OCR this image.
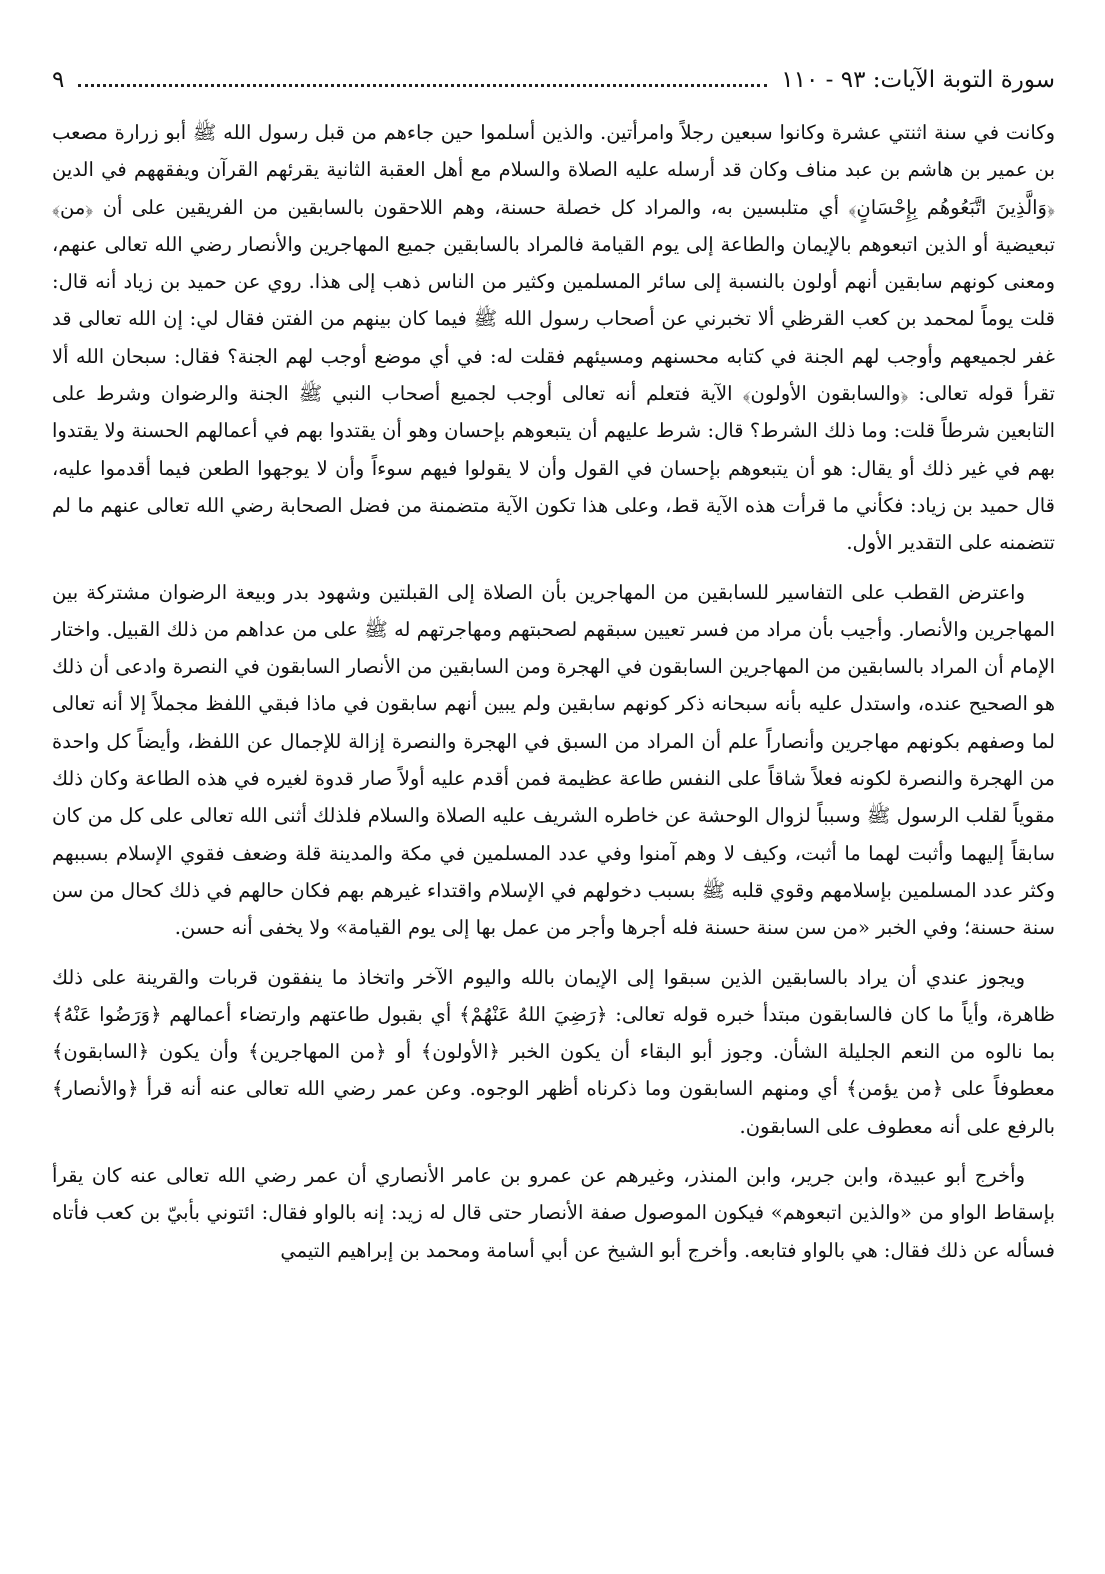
سورة التوبة الآيات: ٩٣ - ١١٠
٩

وكانت في سنة اثنتي عشرة وكانوا سبعين رجلاً وامرأتين. والذين أسلموا حين جاءهم من قبل رسول الله ﷺ أبو زرارة مصعب بن عمير بن هاشم بن عبد مناف وكان قد أرسله عليه الصلاة والسلام مع أهل العقبة الثانية يقرئهم القرآن ويفقههم في الدين ﴿وَالَّذِينَ اتَّبَعُوهُم بِإِحْسَانٍ﴾ أي متلبسين به، والمراد كل خصلة حسنة، وهم اللاحقون بالسابقين من الفريقين على أن ﴿من﴾ تبعيضية أو الذين اتبعوهم بالإيمان والطاعة إلى يوم القيامة فالمراد بالسابقين جميع المهاجرين والأنصار رضي الله تعالى عنهم، ومعنى كونهم سابقين أنهم أولون بالنسبة إلى سائر المسلمين وكثير من الناس ذهب إلى هذا. روي عن حميد بن زياد أنه قال: قلت يوماً لمحمد بن كعب القرظي ألا تخبرني عن أصحاب رسول الله ﷺ فيما كان بينهم من الفتن فقال لي: إن الله تعالى قد غفر لجميعهم وأوجب لهم الجنة في كتابه محسنهم ومسيئهم فقلت له: في أي موضع أوجب لهم الجنة؟ فقال: سبحان الله ألا تقرأ قوله تعالى: ﴿والسابقون الأولون﴾ الآية فتعلم أنه تعالى أوجب لجميع أصحاب النبي ﷺ الجنة والرضوان وشرط على التابعين شرطاً قلت: وما ذلك الشرط؟ قال: شرط عليهم أن يتبعوهم بإحسان وهو أن يقتدوا بهم في أعمالهم الحسنة ولا يقتدوا بهم في غير ذلك أو يقال: هو أن يتبعوهم بإحسان في القول وأن لا يقولوا فيهم سوءاً وأن لا يوجهوا الطعن فيما أقدموا عليه، قال حميد بن زياد: فكأني ما قرأت هذه الآية قط، وعلى هذا تكون الآية متضمنة من فضل الصحابة رضي الله تعالى عنهم ما لم تتضمنه على التقدير الأول.

واعترض القطب على التفاسير للسابقين من المهاجرين بأن الصلاة إلى القبلتين وشهود بدر وبيعة الرضوان مشتركة بين المهاجرين والأنصار. وأجيب بأن مراد من فسر تعيين سبقهم لصحبتهم ومهاجرتهم له ﷺ على من عداهم من ذلك القبيل. واختار الإمام أن المراد بالسابقين من المهاجرين السابقون في الهجرة ومن السابقين من الأنصار السابقون في النصرة وادعى أن ذلك هو الصحيح عنده، واستدل عليه بأنه سبحانه ذكر كونهم سابقين ولم يبين أنهم سابقون في ماذا فبقي اللفظ مجملاً إلا أنه تعالى لما وصفهم بكونهم مهاجرين وأنصاراً علم أن المراد من السبق في الهجرة والنصرة إزالة للإجمال عن اللفظ، وأيضاً كل واحدة من الهجرة والنصرة لكونه فعلاً شاقاً على النفس طاعة عظيمة فمن أقدم عليه أولاً صار قدوة لغيره في هذه الطاعة وكان ذلك مقوياً لقلب الرسول ﷺ وسبباً لزوال الوحشة عن خاطره الشريف عليه الصلاة والسلام فلذلك أثنى الله تعالى على كل من كان سابقاً إليهما وأثبت لهما ما أثبت، وكيف لا وهم آمنوا وفي عدد المسلمين في مكة والمدينة قلة وضعف فقوي الإسلام بسببهم وكثر عدد المسلمين بإسلامهم وقوي قلبه ﷺ بسبب دخولهم في الإسلام واقتداء غيرهم بهم فكان حالهم في ذلك كحال من سن سنة حسنة؛ وفي الخبر «من سن سنة حسنة فله أجرها وأجر من عمل بها إلى يوم القيامة» ولا يخفى أنه حسن.

ويجوز عندي أن يراد بالسابقين الذين سبقوا إلى الإيمان بالله واليوم الآخر واتخاذ ما ينفقون قربات والقرينة على ذلك ظاهرة، وأياً ما كان فالسابقون مبتدأ خبره قوله تعالى: ﴿رَضِيَ اللهُ عَنْهُمْ﴾ أي بقبول طاعتهم وارتضاء أعمالهم ﴿وَرَضُوا عَنْهُ﴾ بما نالوه من النعم الجليلة الشأن. وجوز أبو البقاء أن يكون الخبر ﴿الأولون﴾ أو ﴿من المهاجرين﴾ وأن يكون ﴿السابقون﴾ معطوفاً على ﴿من يؤمن﴾ أي ومنهم السابقون وما ذكرناه أظهر الوجوه. وعن عمر رضي الله تعالى عنه أنه قرأ ﴿والأنصار﴾ بالرفع على أنه معطوف على السابقون.

وأخرج أبو عبيدة، وابن جرير، وابن المنذر، وغيرهم عن عمرو بن عامر الأنصاري أن عمر رضي الله تعالى عنه كان يقرأ بإسقاط الواو من «والذين اتبعوهم» فيكون الموصول صفة الأنصار حتى قال له زيد: إنه بالواو فقال: ائتوني بأبيّ بن كعب فأتاه فسأله عن ذلك فقال: هي بالواو فتابعه. وأخرج أبو الشيخ عن أبي أسامة ومحمد بن إبراهيم التيمي
